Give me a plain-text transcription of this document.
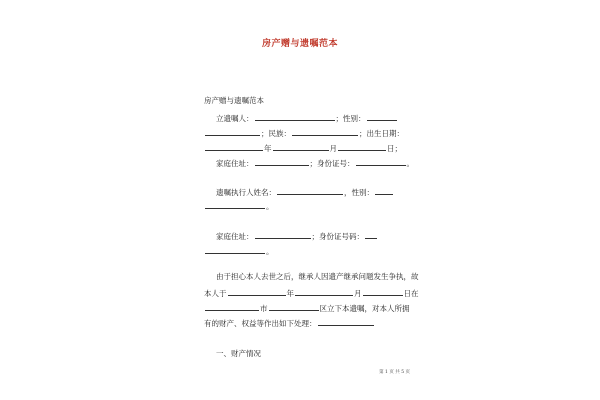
房产赠与遗嘱范本
房产赠与遗嘱范本
立遗嘱人：	；性别：
；民族：	；出生日期：
年	月	日；
家庭住址：	；身份证号：	。
遗嘱执行人姓名：	，性别：
。
家庭住址：	；身份证号码：
。
由于担心本人去世之后，继承人因遗产继承问题发生争执，故
本人于	年	月	日在
市	区立下本遗嘱，对本人所拥
有的财产、权益等作出如下处理：
一、财产情况
第 1 页 共 5 页
